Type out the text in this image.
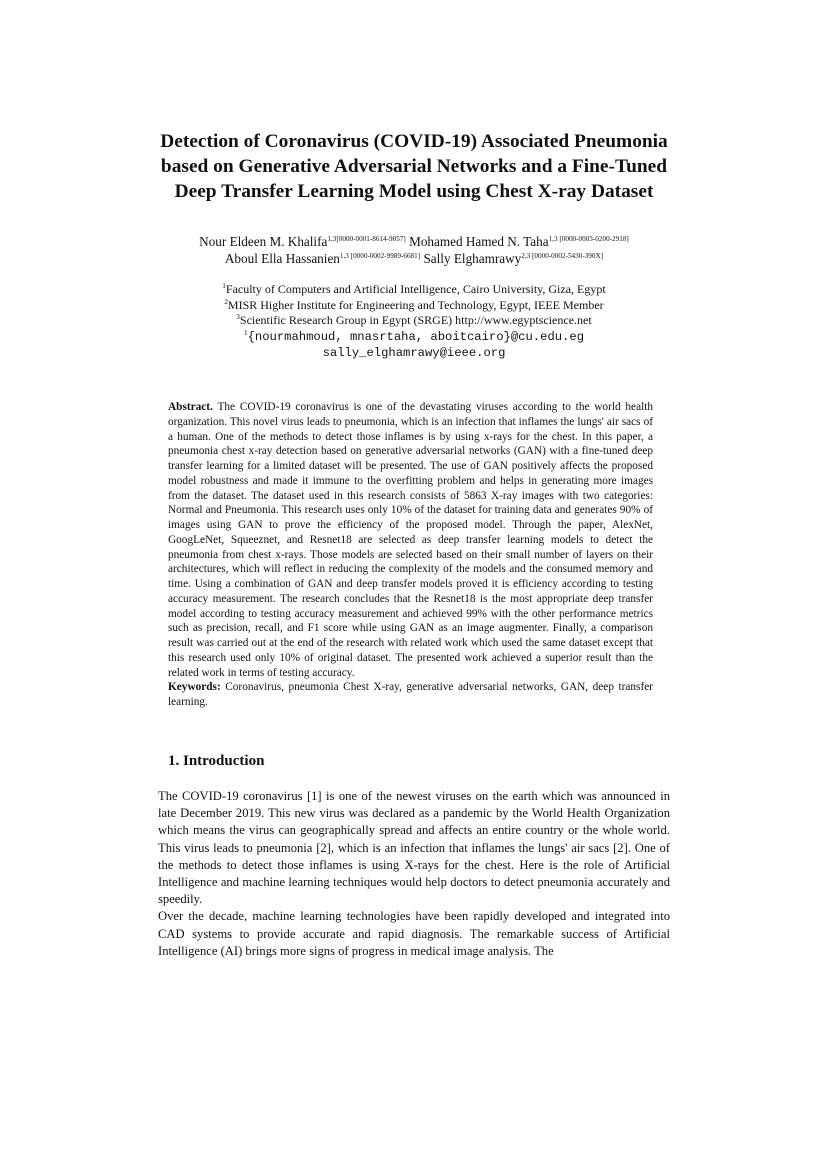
Detection of Coronavirus (COVID-19) Associated Pneumonia
based on Generative Adversarial Networks and a Fine-Tuned
Deep Transfer Learning Model using Chest X-ray Dataset
Nour Eldeen M. Khalifa$^{1,3[0000-0001-8614-9057]}$ Mohamed Hamed N. Taha$^{1,3 [0000-0003-0200-2918]}$
Aboul Ella Hassanien$^{1,3 [0000-0002-9989-6681]}$ Sally Elghamrawy$^{2,3 [0000-0002-5430-390X]}$
$^1$Faculty of Computers and Artificial Intelligence, Cairo University, Giza, Egypt
$^2$MISR Higher Institute for Engineering and Technology, Egypt, IEEE Member
$^3$Scientific Research Group in Egypt (SRGE) http://www.egyptscience.net
$^1${nourmahmoud, mnasrtaha, aboitcairo}@cu.edu.eg
sally_elghamrawy@ieee.org

Abstract. The COVID-19 coronavirus is one of the devastating viruses according to the world health organization. This novel virus leads to pneumonia, which is an infection that inflames the lungs' air sacs of a human. One of the methods to detect those inflames is by using x-rays for the chest. In this paper, a pneumonia chest x-ray detection based on generative adversarial networks (GAN) with a fine-tuned deep transfer learning for a limited dataset will be presented. The use of GAN positively affects the proposed model robustness and made it immune to the overfitting problem and helps in generating more images from the dataset. The dataset used in this research consists of 5863 X-ray images with two categories: Normal and Pneumonia. This research uses only 10% of the dataset for training data and generates 90% of images using GAN to prove the efficiency of the proposed model. Through the paper, AlexNet, GoogLeNet, Squeeznet, and Resnet18 are selected as deep transfer learning models to detect the pneumonia from chest x-rays. Those models are selected based on their small number of layers on their architectures, which will reflect in reducing the complexity of the models and the consumed memory and time. Using a combination of GAN and deep transfer models proved it is efficiency according to testing accuracy measurement. The research concludes that the Resnet18 is the most appropriate deep transfer model according to testing accuracy measurement and achieved 99% with the other performance metrics such as precision, recall, and F1 score while using GAN as an image augmenter. Finally, a comparison result was carried out at the end of the research with related work which used the same dataset except that this research used only 10% of original dataset. The presented work achieved a superior result than the related work in terms of testing accuracy.

Keywords: Coronavirus, pneumonia Chest X-ray, generative adversarial networks, GAN, deep transfer learning.

1. Introduction

The COVID-19 coronavirus [1] is one of the newest viruses on the earth which was announced in late December 2019. This new virus was declared as a pandemic by the World Health Organization which means the virus can geographically spread and affects an entire country or the whole world. This virus leads to pneumonia [2], which is an infection that inflames the lungs' air sacs [2]. One of the methods to detect those inflames is using X-rays for the chest. Here is the role of Artificial Intelligence and machine learning techniques would help doctors to detect pneumonia accurately and speedily.

Over the decade, machine learning technologies have been rapidly developed and integrated into CAD systems to provide accurate and rapid diagnosis. The remarkable success of Artificial Intelligence (AI) brings more signs of progress in medical image analysis. The
